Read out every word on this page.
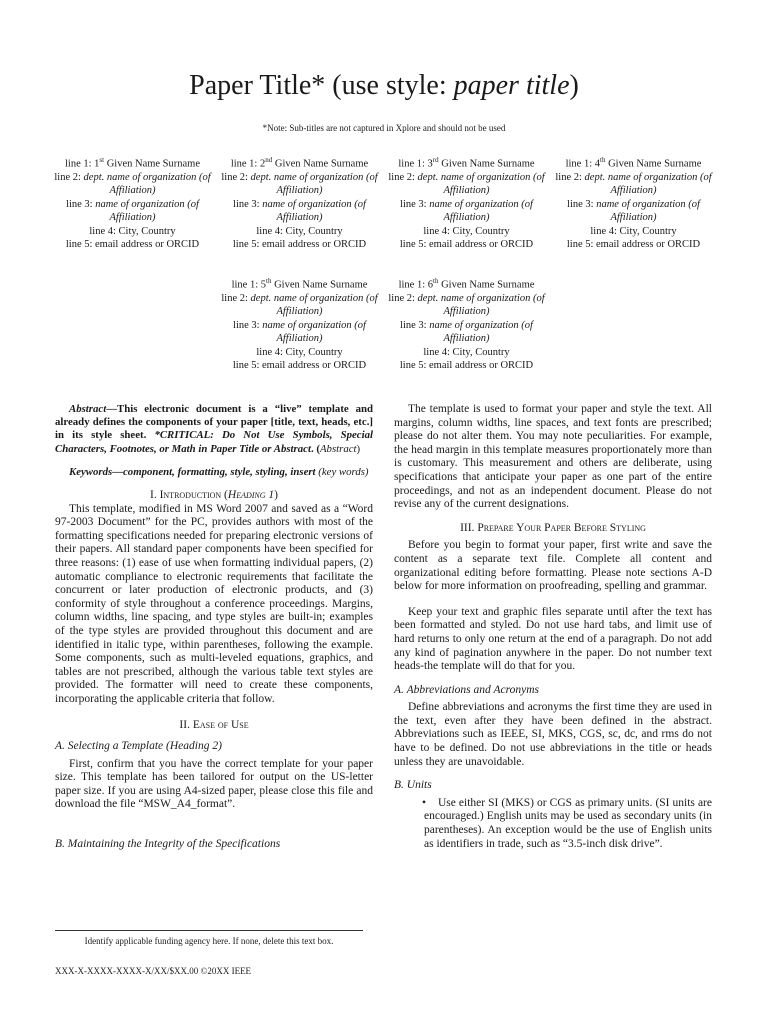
Paper Title* (use style: paper title)
*Note: Sub-titles are not captured in Xplore and should not be used
line 1: 1st Given Name Surname
line 2: dept. name of organization (of Affiliation)
line 3: name of organization (of Affiliation)
line 4: City, Country
line 5: email address or ORCID
line 1: 2nd Given Name Surname
line 2: dept. name of organization (of Affiliation)
line 3: name of organization (of Affiliation)
line 4: City, Country
line 5: email address or ORCID
line 1: 3rd Given Name Surname
line 2: dept. name of organization (of Affiliation)
line 3: name of organization (of Affiliation)
line 4: City, Country
line 5: email address or ORCID
line 1: 4th Given Name Surname
line 2: dept. name of organization (of Affiliation)
line 3: name of organization (of Affiliation)
line 4: City, Country
line 5: email address or ORCID
line 1: 5th Given Name Surname
line 2: dept. name of organization (of Affiliation)
line 3: name of organization (of Affiliation)
line 4: City, Country
line 5: email address or ORCID
line 1: 6th Given Name Surname
line 2: dept. name of organization (of Affiliation)
line 3: name of organization (of Affiliation)
line 4: City, Country
line 5: email address or ORCID

Abstract—This electronic document is a “live” template and already defines the components of your paper [title, text, heads, etc.] in its style sheet. *CRITICAL: Do Not Use Symbols, Special Characters, Footnotes, or Math in Paper Title or Abstract. (Abstract)

Keywords—component, formatting, style, styling, insert (key words)

I. Introduction (Heading 1)

This template, modified in MS Word 2007 and saved as a “Word 97-2003 Document” for the PC, provides authors with most of the formatting specifications needed for preparing electronic versions of their papers. All standard paper components have been specified for three reasons: (1) ease of use when formatting individual papers, (2) automatic compliance to electronic requirements that facilitate the concurrent or later production of electronic products, and (3) conformity of style throughout a conference proceedings. Margins, column widths, line spacing, and type styles are built-in; examples of the type styles are provided throughout this document and are identified in italic type, within parentheses, following the example. Some components, such as multi-leveled equations, graphics, and tables are not prescribed, although the various table text styles are provided. The formatter will need to create these components, incorporating the applicable criteria that follow.

II. Ease of Use

A. Selecting a Template (Heading 2)

First, confirm that you have the correct template for your paper size. This template has been tailored for output on the US-letter paper size. If you are using A4-sized paper, please close this file and download the file “MSW_A4_format”.

B. Maintaining the Integrity of the Specifications

The template is used to format your paper and style the text. All margins, column widths, line spaces, and text fonts are prescribed; please do not alter them. You may note peculiarities. For example, the head margin in this template measures proportionately more than is customary. This measurement and others are deliberate, using specifications that anticipate your paper as one part of the entire proceedings, and not as an independent document. Please do not revise any of the current designations.

III. Prepare Your Paper Before Styling

Before you begin to format your paper, first write and save the content as a separate text file. Complete all content and organizational editing before formatting. Please note sections A-D below for more information on proofreading, spelling and grammar.

Keep your text and graphic files separate until after the text has been formatted and styled. Do not use hard tabs, and limit use of hard returns to only one return at the end of a paragraph. Do not add any kind of pagination anywhere in the paper. Do not number text heads-the template will do that for you.

A. Abbreviations and Acronyms

Define abbreviations and acronyms the first time they are used in the text, even after they have been defined in the abstract. Abbreviations such as IEEE, SI, MKS, CGS, sc, dc, and rms do not have to be defined. Do not use abbreviations in the title or heads unless they are unavoidable.

B. Units

• Use either SI (MKS) or CGS as primary units. (SI units are encouraged.) English units may be used as secondary units (in parentheses). An exception would be the use of English units as identifiers in trade, such as “3.5-inch disk drive”.

Identify applicable funding agency here. If none, delete this text box.
XXX-X-XXXX-XXXX-X/XX/$XX.00 ©20XX IEEE
